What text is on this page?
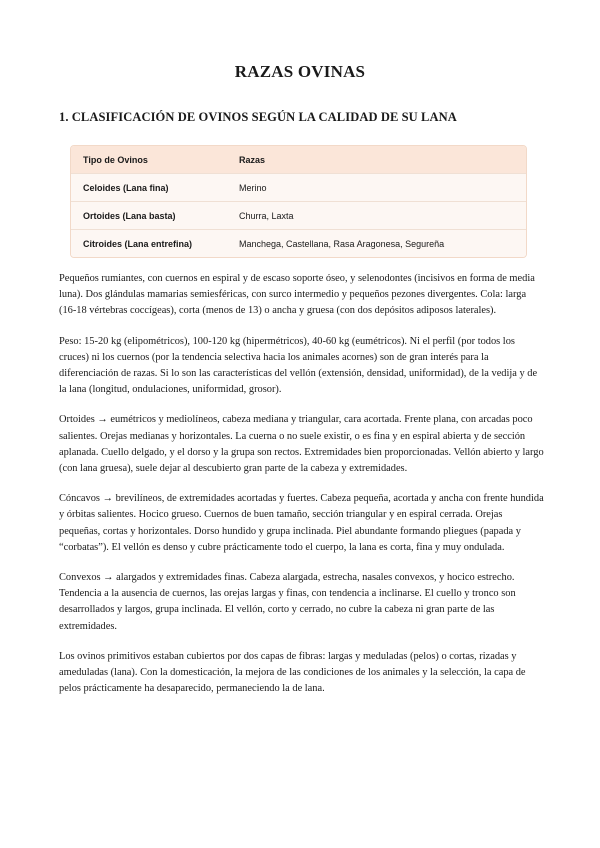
RAZAS OVINAS
1. CLASIFICACIÓN DE OVINOS SEGÚN LA CALIDAD DE SU LANA
Tipo de Ovinos	Razas
Celoides (Lana fina)	Merino
Ortoides (Lana basta)	Churra, Laxta
Citroides (Lana entrefina)	Manchega, Castellana, Rasa Aragonesa, Segureña

Pequeños rumiantes, con cuernos en espiral y de escaso soporte óseo, y selenodontes (incisivos en forma de media luna). Dos glándulas mamarias semiesféricas, con surco intermedio y pequeños pezones divergentes. Cola: larga (16-18 vértebras coccígeas), corta (menos de 13) o ancha y gruesa (con dos depósitos adiposos laterales).

Peso: 15-20 kg (elipométricos), 100-120 kg (hipermétricos), 40-60 kg (eumétricos). Ni el perfil (por todos los cruces) ni los cuernos (por la tendencia selectiva hacia los animales acornes) son de gran interés para la diferenciación de razas. Si lo son las características del vellón (extensión, densidad, uniformidad), de la vedija y de la lana (longitud, ondulaciones, uniformidad, grosor).

Ortoides → eumétricos y mediolíneos, cabeza mediana y triangular, cara acortada. Frente plana, con arcadas poco salientes. Orejas medianas y horizontales. La cuerna o no suele existir, o es fina y en espiral abierta y de sección aplanada. Cuello delgado, y el dorso y la grupa son rectos. Extremidades bien proporcionadas. Vellón abierto y largo (con lana gruesa), suele dejar al descubierto gran parte de la cabeza y extremidades.

Cóncavos → brevilíneos, de extremidades acortadas y fuertes. Cabeza pequeña, acortada y ancha con frente hundida y órbitas salientes. Hocico grueso. Cuernos de buen tamaño, sección triangular y en espiral cerrada. Orejas pequeñas, cortas y horizontales. Dorso hundido y grupa inclinada. Piel abundante formando pliegues (papada y “corbatas”). El vellón es denso y cubre prácticamente todo el cuerpo, la lana es corta, fina y muy ondulada.

Convexos → alargados y extremidades finas. Cabeza alargada, estrecha, nasales convexos, y hocico estrecho. Tendencia a la ausencia de cuernos, las orejas largas y finas, con tendencia a inclinarse. El cuello y tronco son desarrollados y largos, grupa inclinada. El vellón, corto y cerrado, no cubre la cabeza ni gran parte de las extremidades.

Los ovinos primitivos estaban cubiertos por dos capas de fibras: largas y meduladas (pelos) o cortas, rizadas y ameduladas (lana). Con la domesticación, la mejora de las condiciones de los animales y la selección, la capa de pelos prácticamente ha desaparecido, permaneciendo la de lana.
